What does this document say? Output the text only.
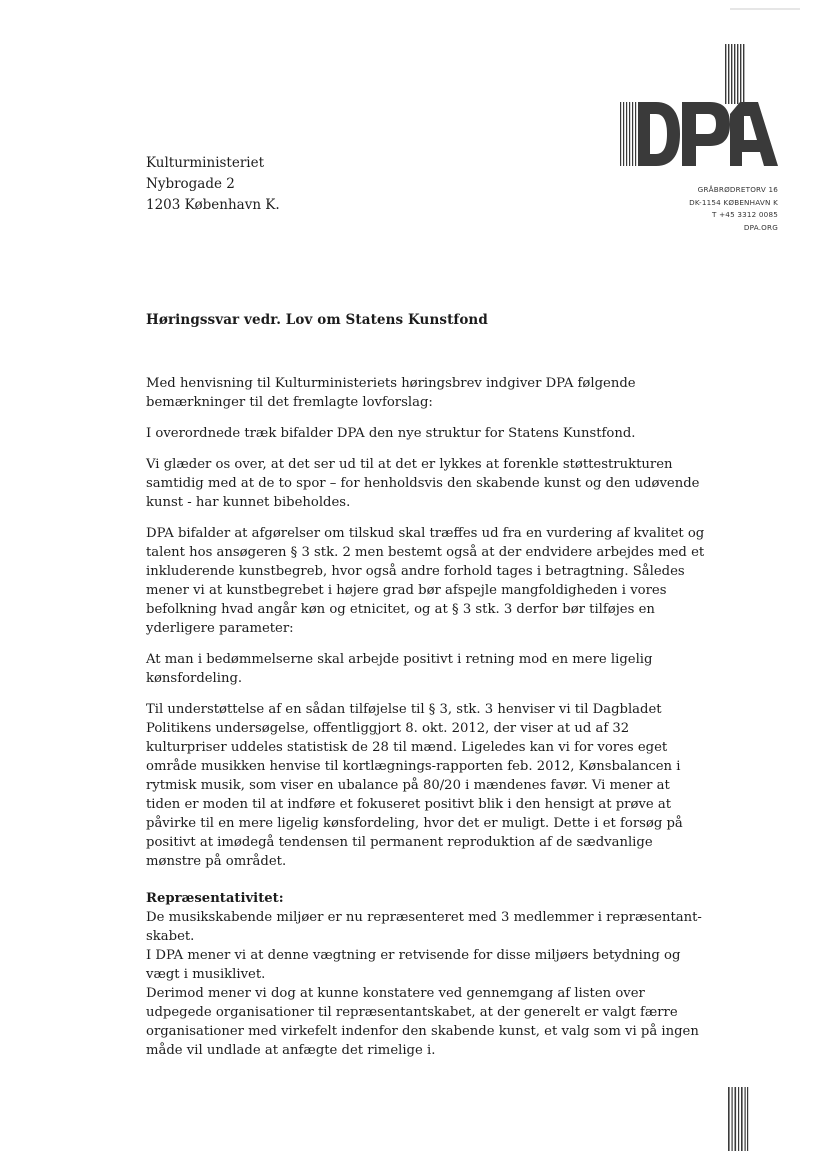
GRÅBRØDRETORV 16
DK-1154 KØBENHAVN K
T +45 3312 0085
DPA.ORG
Kulturministeriet
Nybrogade 2
1203 København K.
Høringssvar vedr. Lov om Statens Kunstfond

Med henvisning til Kulturministeriets høringsbrev indgiver DPA følgende bemærkninger til det fremlagte lovforslag:

I overordnede træk bifalder DPA den nye struktur for Statens Kunstfond.

Vi glæder os over, at det ser ud til at det er lykkes at forenkle støttestrukturen samtidig med at de to spor – for henholdsvis den skabende kunst og den udøvende kunst - har kunnet bibeholdes.

DPA bifalder at afgørelser om tilskud skal træffes ud fra en vurdering af kvalitet og talent hos ansøgeren § 3 stk. 2 men bestemt også at der endvidere arbejdes med et inkluderende kunstbegreb, hvor også andre forhold tages i betragtning. Således mener vi at kunstbegrebet i højere grad bør afspejle mangfoldigheden i vores befolkning hvad angår køn og etnicitet, og at § 3 stk. 3 derfor bør tilføjes en yderligere parameter:

At man i bedømmelserne skal arbejde positivt i retning mod en mere ligelig kønsfordeling.

Til understøttelse af en sådan tilføjelse til § 3, stk. 3 henviser vi til Dagbladet Politikens undersøgelse, offentliggjort 8. okt. 2012, der viser at ud af 32 kulturpriser uddeles statistisk de 28 til mænd. Ligeledes kan vi for vores eget område musikken henvise til kortlægnings-rapporten feb. 2012, Kønsbalancen i rytmisk musik, som viser en ubalance på 80/20 i mændenes favør. Vi mener at tiden er moden til at indføre et fokuseret positivt blik i den hensigt at prøve at påvirke til en mere ligelig kønsfordeling, hvor det er muligt. Dette i et forsøg på positivt at imødegå tendensen til permanent reproduktion af de sædvanlige mønstre på området.

Repræsentativitet:
De musikskabende miljøer er nu repræsenteret med 3 medlemmer i repræsentant-skabet.
I DPA mener vi at denne vægtning er retvisende for disse miljøers betydning og vægt i musiklivet.
Derimod mener vi dog at kunne konstatere ved gennemgang af listen over udpegede organisationer til repræsentantskabet, at der generelt er valgt færre organisationer med virkefelt indenfor den skabende kunst, et valg som vi på ingen måde vil undlade at anfægte det rimelige i.
